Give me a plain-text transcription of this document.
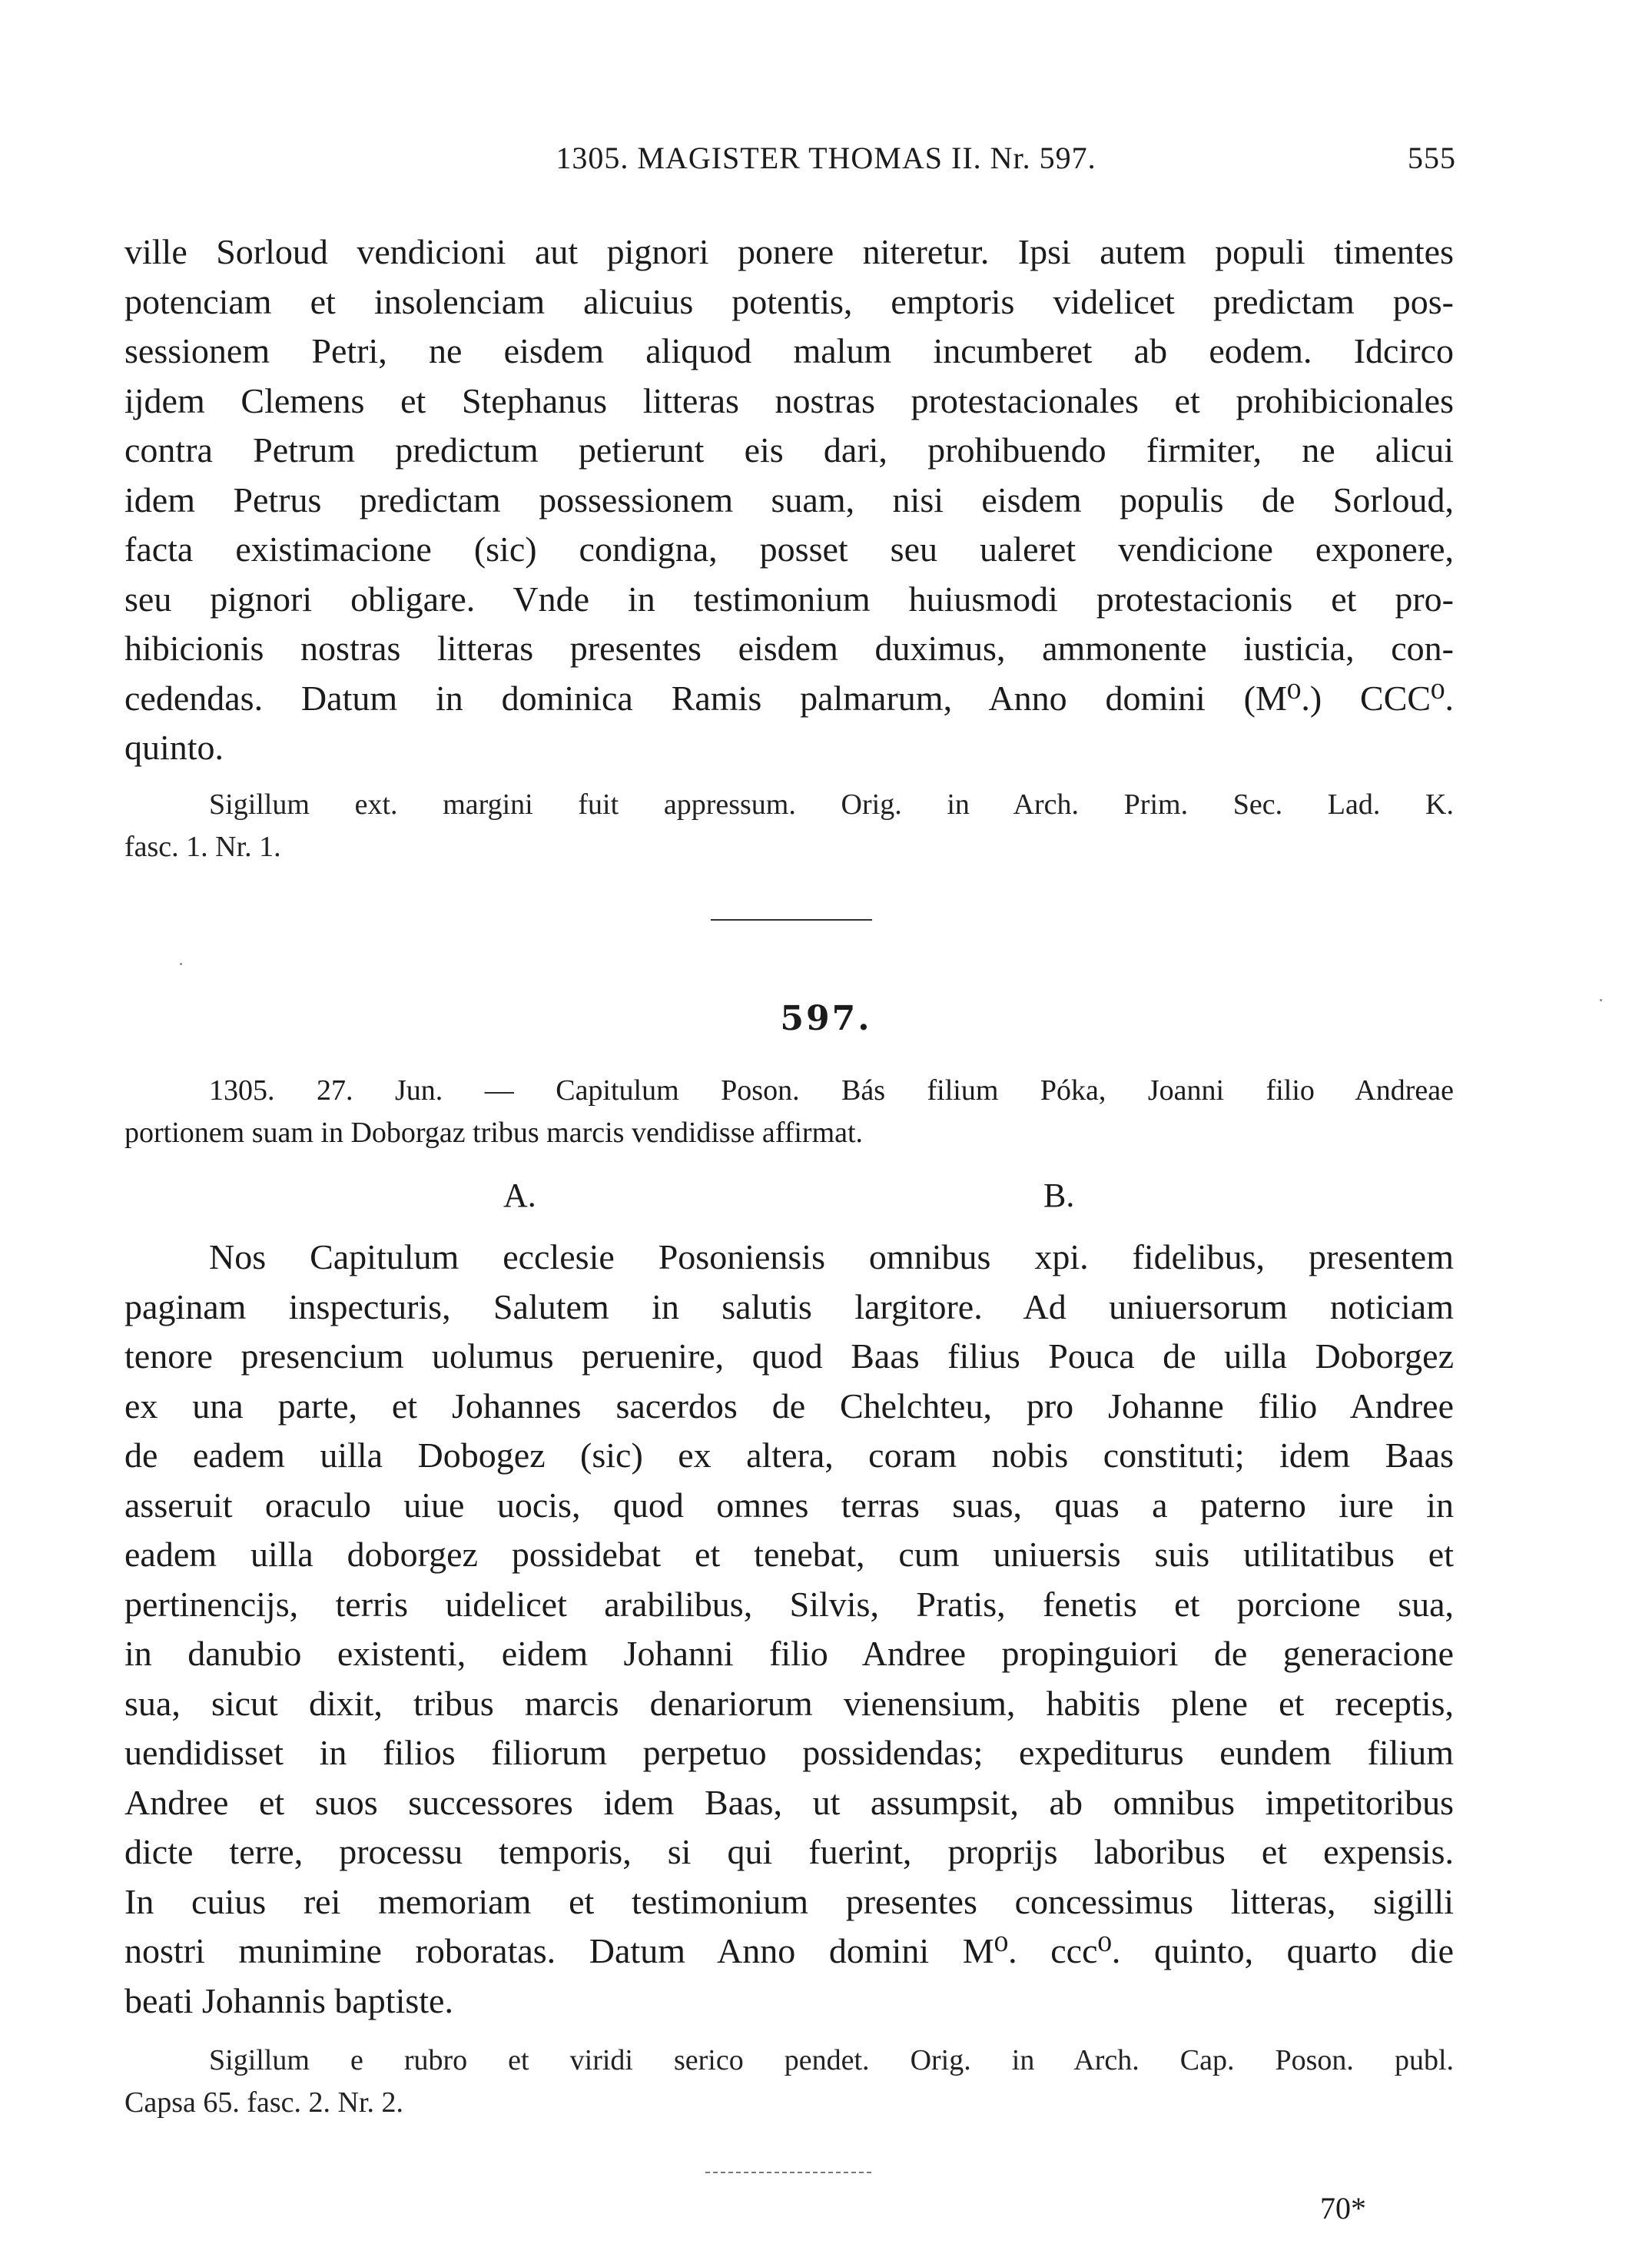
1305. MAGISTER THOMAS II. Nr. 597.	555
ville Sorloud vendicioni aut pignori ponere niteretur. Ipsi autem populi timentes
potenciam et insolenciam alicuius potentis, emptoris videlicet predictam pos-
sessionem Petri, ne eisdem aliquod malum incumberet ab eodem. Idcirco
ijdem Clemens et Stephanus litteras nostras protestacionales et prohibicionales
contra Petrum predictum petierunt eis dari, prohibuendo firmiter, ne alicui
idem Petrus predictam possessionem suam, nisi eisdem populis de Sorloud,
facta existimacione (sic) condigna, posset seu ualeret vendicione exponere,
seu pignori obligare. Vnde in testimonium huiusmodi protestacionis et pro-
hibicionis nostras litteras presentes eisdem duximus, ammonente iusticia, con-
cedendas. Datum in dominica Ramis palmarum, Anno domini (M⁰.) CCC⁰.
quinto.
Sigillum ext. margini fuit appressum. Orig. in Arch. Prim. Sec. Lad. K.
fasc. 1. Nr. 1.
597.
1305. 27. Jun. — Capitulum Poson. Bás filium Póka, Joanni filio Andreae
portionem suam in Doborgaz tribus marcis vendidisse affirmat.
A.	B.
Nos Capitulum ecclesie Posoniensis omnibus xpi. fidelibus, presentem
paginam inspecturis, Salutem in salutis largitore. Ad uniuersorum noticiam
tenore presencium uolumus peruenire, quod Baas filius Pouca de uilla Doborgez
ex una parte, et Johannes sacerdos de Chelchteu, pro Johanne filio Andree
de eadem uilla Dobogez (sic) ex altera, coram nobis constituti; idem Baas
asseruit oraculo uiue uocis, quod omnes terras suas, quas a paterno iure in
eadem uilla doborgez possidebat et tenebat, cum uniuersis suis utilitatibus et
pertinencijs, terris uidelicet arabilibus, Silvis, Pratis, fenetis et porcione sua,
in danubio existenti, eidem Johanni filio Andree propinguiori de generacione
sua, sicut dixit, tribus marcis denariorum vienensium, habitis plene et receptis,
uendidisset in filios filiorum perpetuo possidendas; expediturus eundem filium
Andree et suos successores idem Baas, ut assumpsit, ab omnibus impetitoribus
dicte terre, processu temporis, si qui fuerint, proprijs laboribus et expensis.
In cuius rei memoriam et testimonium presentes concessimus litteras, sigilli
nostri munimine roboratas. Datum Anno domini M⁰. ccc⁰. quinto, quarto die
beati Johannis baptiste.
Sigillum e rubro et viridi serico pendet. Orig. in Arch. Cap. Poson. publ.
Capsa 65. fasc. 2. Nr. 2.
70*
